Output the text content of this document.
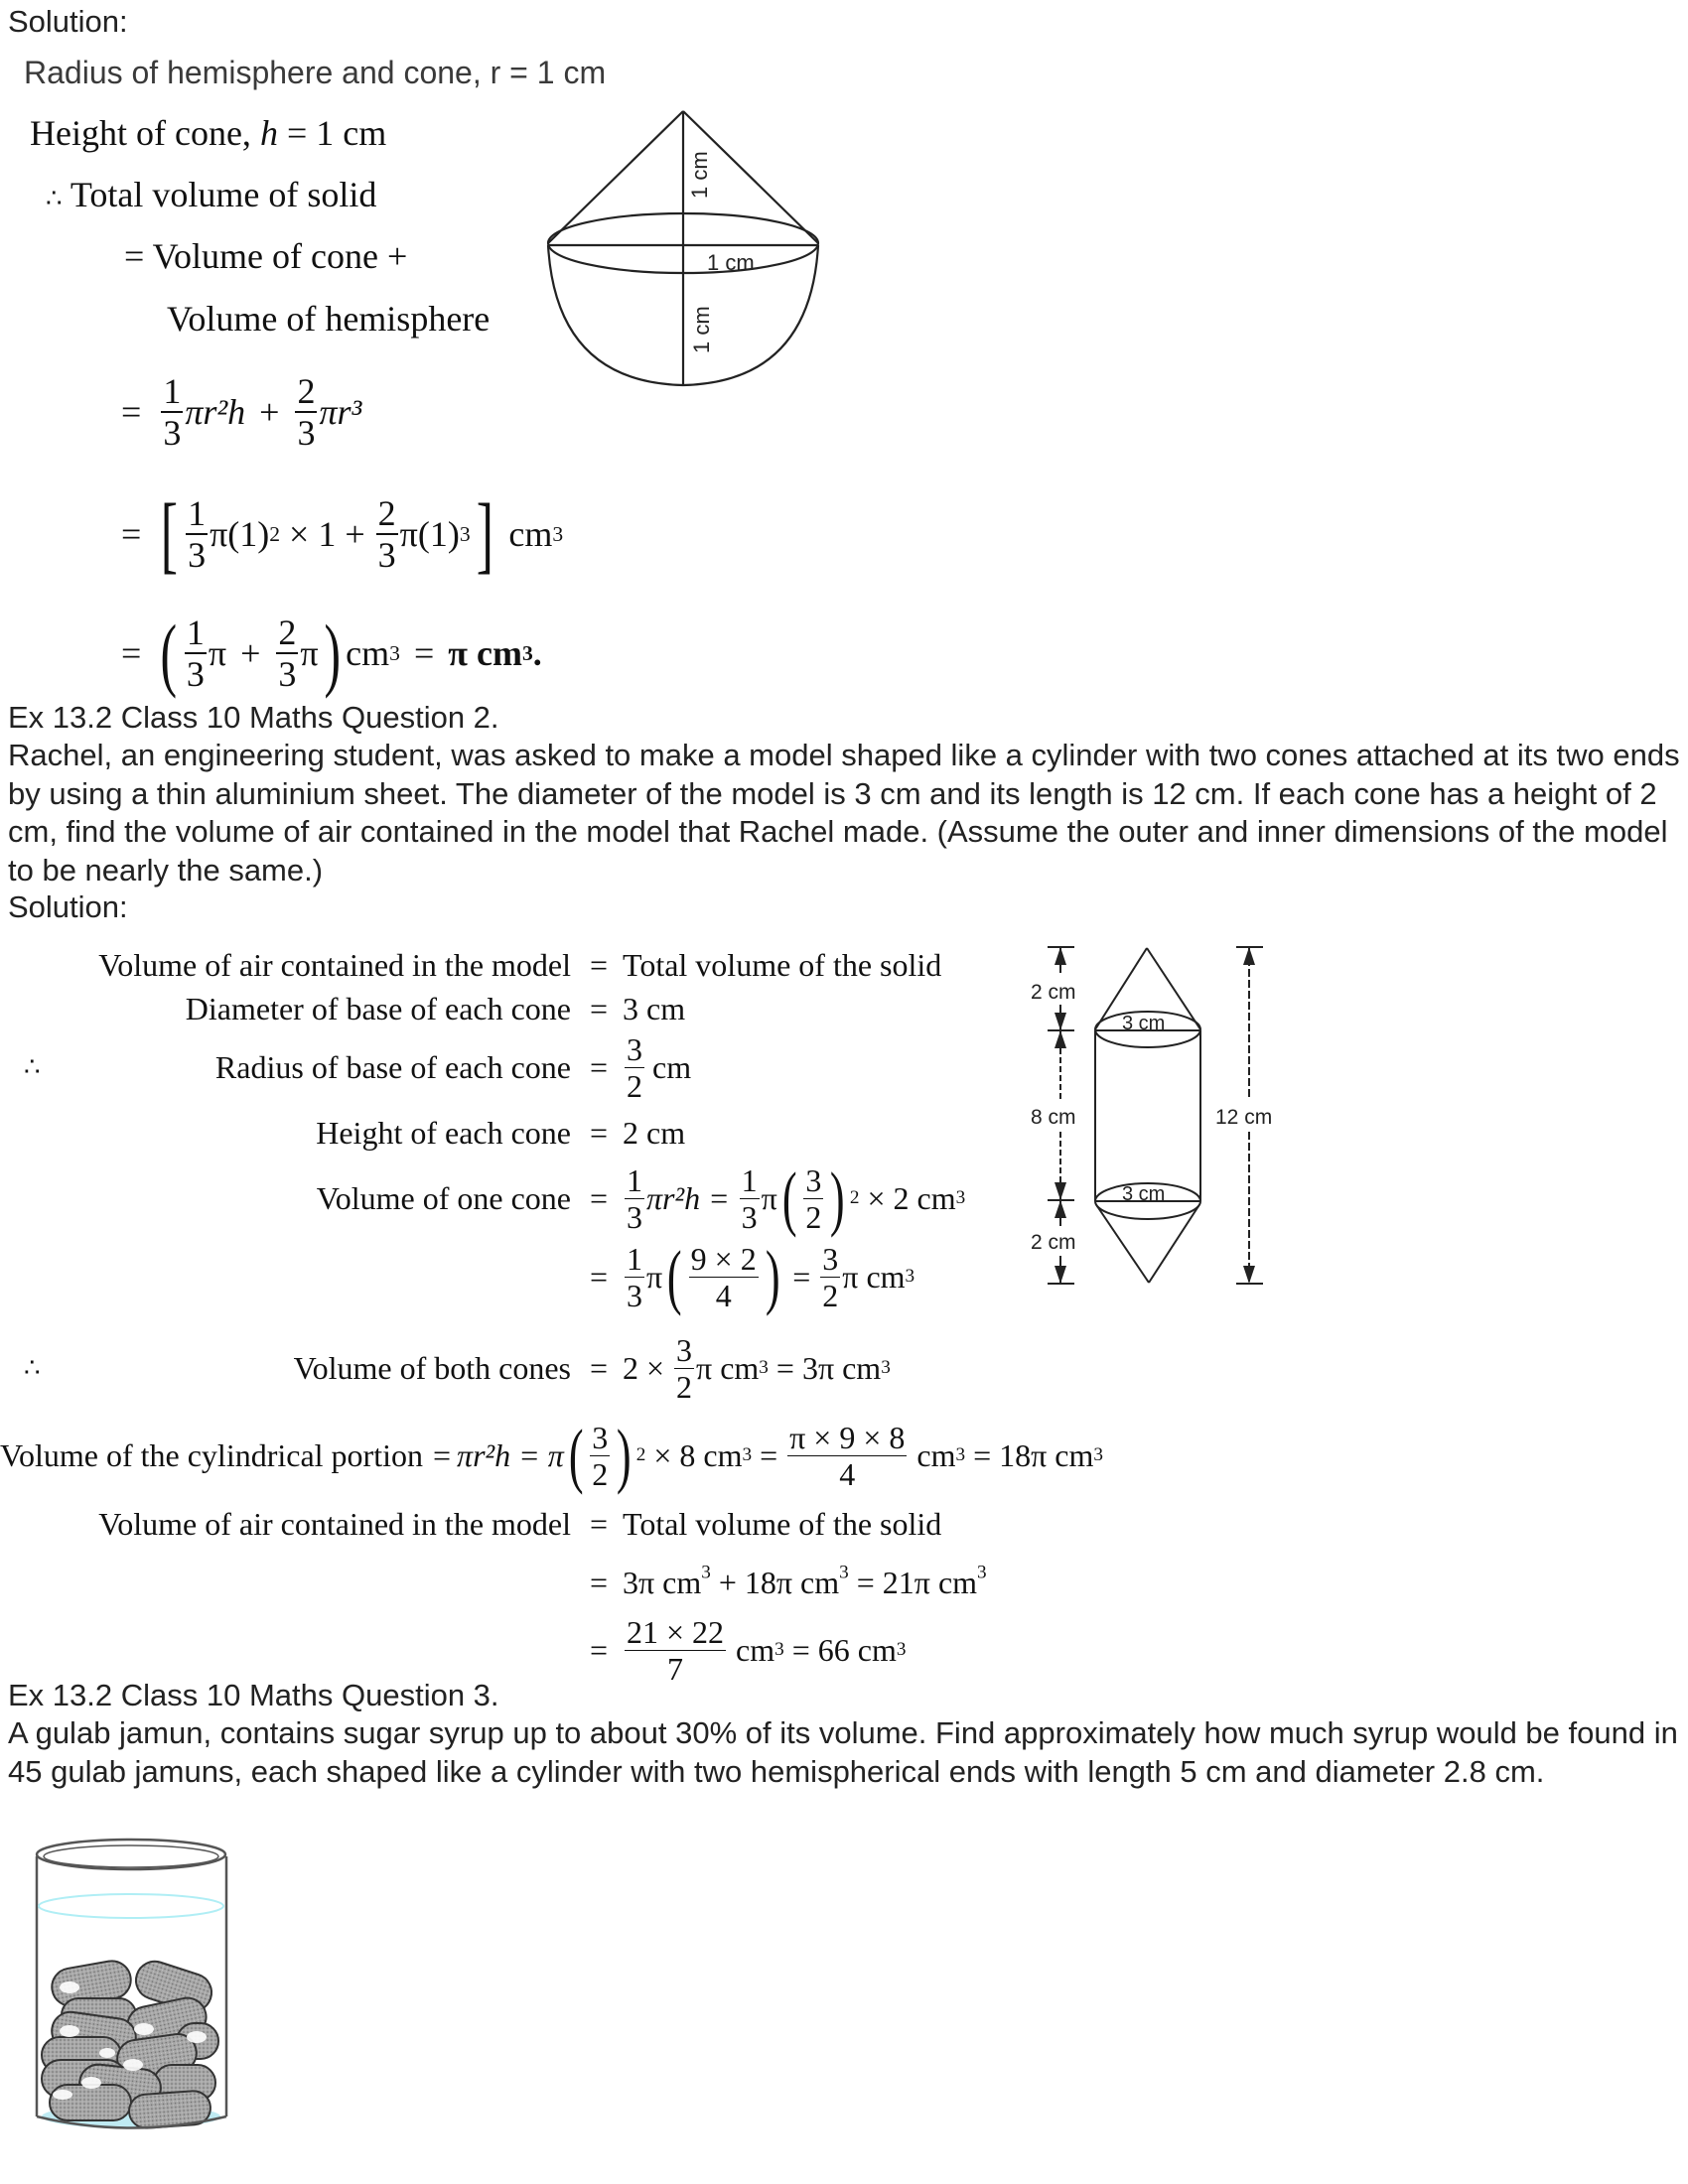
Solution:
Radius of hemisphere and cone, r = 1 cm
Height of cone, h = 1 cm
∴ Total volume of solid
= Volume of cone +
Volume of hemisphere
= $\frac{1}{3} \pi r^2h + \frac{2}{3} \pi r^3$
= [ $\frac{1}{3} \pi(1) 2 \times 1 + \frac{2}{3} \pi(1)$ 3 ] cm 3
= ( $\frac{1}{3}$ $\pi + \frac{2}{3}$ π ) cm 3 = π cm 3 .
1 cm
1 cm
1 cm
Ex 13.2 Class 10 Maths Question 2.
Rachel, an engineering student, was asked to make a model shaped like a cylinder with two cones attached at its two ends by using a thin aluminium sheet. The diameter of the model is 3 cm and its length is 12 cm. If each cone has a height of 2 cm, find the volume of air contained in the model that Rachel made. (Assume the outer and inner dimensions of the model to be nearly the same.)
Solution:
Volume of air contained in the model = Total volume of the solid
Diameter of base of each cone = 3 cm
∴	Radius of base of each cone = $\frac{3}{2}$ cm
Height of each cone = 2 cm
Volume of one cone = $\frac{1}{3} \pi r^2h = \frac{1}{3}$ π ( $\frac{3}{2}$ ) 2 × 2 cm 3
= $\frac{1}{3}$ π ( $\frac{9 \times 2}{4}$ ) = $\frac{3}{2}$ π cm 3
∴	Volume of both cones = $2 \times \frac{3}{2}$ π cm 3 = 3π cm 3
Volume of the cylindrical portion = πr²h = π ( $\frac{3}{2}$ ) 2 × 8 cm $3 = \frac{\pi \times 9 \times 8}{4}$ cm 3 = 18π cm 3
Volume of air contained in the model = Total volume of the solid
= 3π $cm^3 + 18\pi$ $cm^3 = 21\pi$ $cm^3$
= $\frac{21 \times 22}{7}$ cm 3 = 66 cm 3
2 cm
8 cm
2 cm
12 cm
3 cm
3 cm
Ex 13.2 Class 10 Maths Question 3.
A gulab jamun, contains sugar syrup up to about 30% of its volume. Find approximately how much syrup would be found in 45 gulab jamuns, each shaped like a cylinder with two hemispherical ends with length 5 cm and diameter 2.8 cm.
